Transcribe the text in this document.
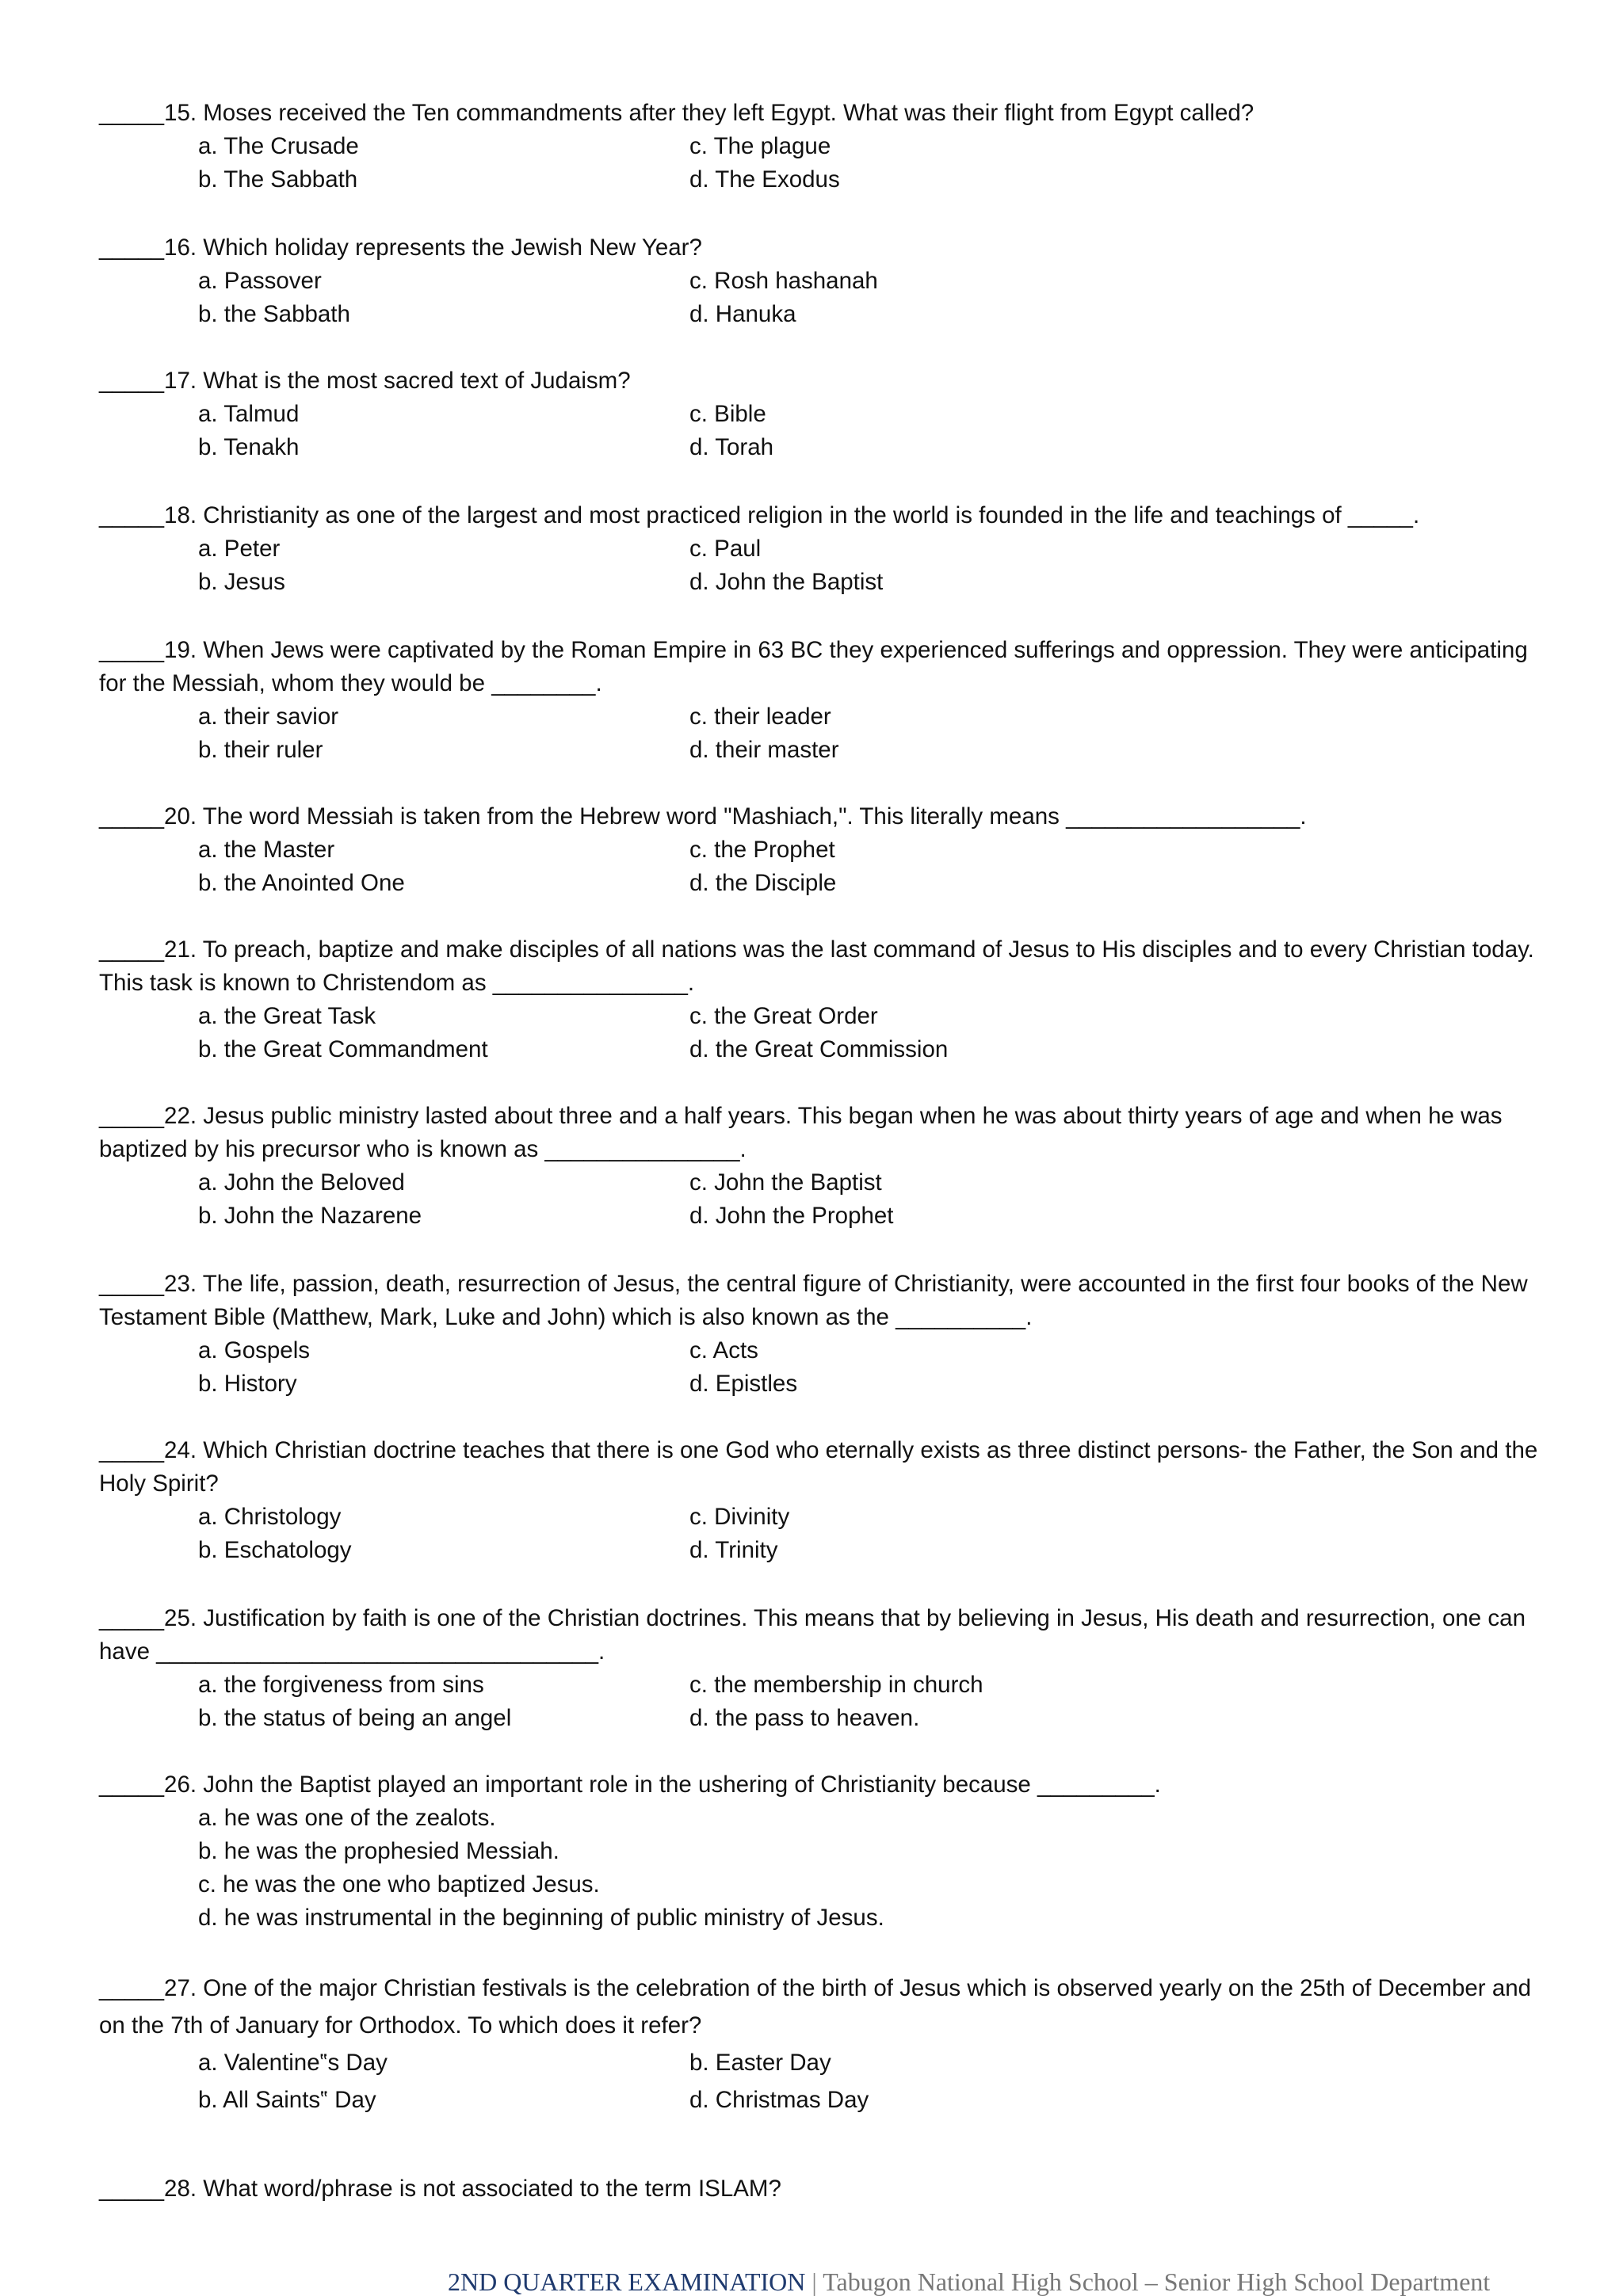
_____15. Moses received the Ten commandments after they left Egypt. What was their flight from Egypt called?

a. The Crusade	c. The plague
b. The Sabbath	d. The Exodus

_____16. Which holiday represents the Jewish New Year?

a. Passover	c. Rosh hashanah
b. the Sabbath	d. Hanuka

_____17. What is the most sacred text of Judaism?

a. Talmud	c. Bible
b. Tenakh	d. Torah

_____18. Christianity as one of the largest and most practiced religion in the world is founded in the life and teachings of _____.

a. Peter	c. Paul
b. Jesus	d. John the Baptist

_____19. When Jews were captivated by the Roman Empire in 63 BC they experienced sufferings and oppression. They were anticipating for the Messiah, whom they would be ________.

a. their savior	c. their leader
b. their ruler	d. their master

_____20. The word Messiah is taken from the Hebrew word "Mashiach,". This literally means __________________.

a. the Master	c. the Prophet
b. the Anointed One	d. the Disciple

_____21. To preach, baptize and make disciples of all nations was the last command of Jesus to His disciples and to every Christian today. This task is known to Christendom as _______________.

a. the Great Task	c. the Great Order
b. the Great Commandment	d. the Great Commission

_____22. Jesus public ministry lasted about three and a half years. This began when he was about thirty years of age and when he was baptized by his precursor who is known as _______________.

a. John the Beloved	c. John the Baptist
b. John the Nazarene	d. John the Prophet

_____23. The life, passion, death, resurrection of Jesus, the central figure of Christianity, were accounted in the first four books of the New Testament Bible (Matthew, Mark, Luke and John) which is also known as the __________.

a. Gospels	c. Acts
b. History	d. Epistles

_____24. Which Christian doctrine teaches that there is one God who eternally exists as three distinct persons- the Father, the Son and the Holy Spirit?

a. Christology	c. Divinity
b. Eschatology	d. Trinity

_____25. Justification by faith is one of the Christian doctrines. This means that by believing in Jesus, His death and resurrection, one can have __________________________________.

a. the forgiveness from sins	c. the membership in church
b. the status of being an angel	d. the pass to heaven.

_____26. John the Baptist played an important role in the ushering of Christianity because _________.

a. he was one of the zealots.
b. he was the prophesied Messiah.
c. he was the one who baptized Jesus.
d. he was instrumental in the beginning of public ministry of Jesus.

_____27. One of the major Christian festivals is the celebration of the birth of Jesus which is observed yearly on the 25th of December and on the 7th of January for Orthodox. To which does it refer?

a. Valentine‟s Day	b. Easter Day
b. All Saints‟ Day	d. Christmas Day

_____28. What word/phrase is not associated to the term ISLAM?

2ND QUARTER EXAMINATION | Tabugon National High School – Senior High School Department
